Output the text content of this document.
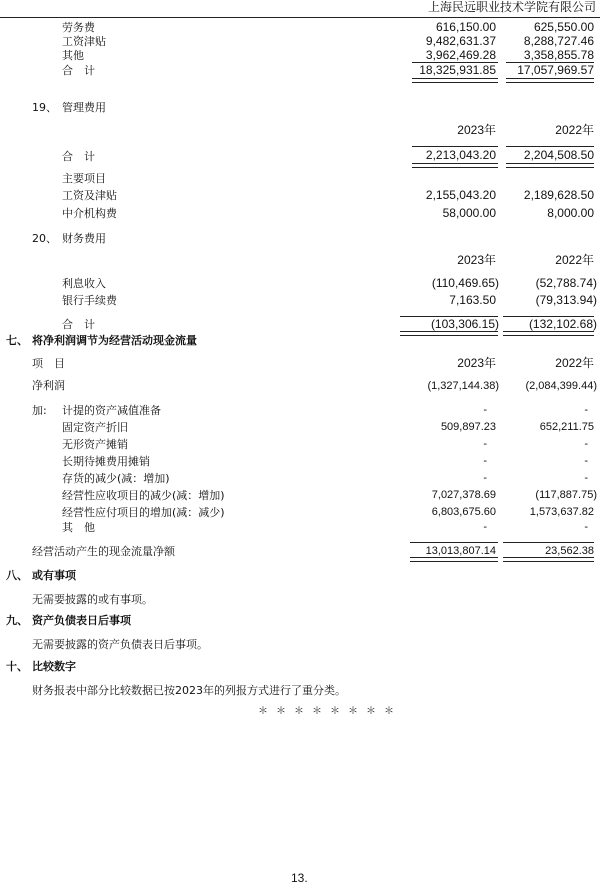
上海民远职业技术学院有限公司
劳务费	616,150.00	625,550.00
工资津贴	9,482,631.37 8,288,727.46
其他	3,962,469.28 3,358,855.78
合　计	18,325,931.85 17,057,969.57
19、 管理费用
2023年	2022年
合　计	2,213,043.20 2,204,508.50
主要项目
工资及津贴	2,155,043.20 2,189,628.50
中介机构费	58,000.00	8,000.00
20、 财务费用
2023年	2022年
利息收入	(110,469.65)	(52,788.74)
银行手续费	7,163.50	(79,313.94)
合　计	(103,306.15) (132,102.68)
七、 将净利润调节为经营活动现金流量
项　目	2023年	2022年
净利润	(1,327,144.38) (2,084,399.44)
加: 计提的资产减值准备	-	-
固定资产折旧	509,897.23	652,211.75
无形资产摊销	-	-
长期待摊费用摊销	-	-
存货的减少(减：增加)	-	-
经营性应收项目的减少(减：增加)	7,027,378.69	(117,887.75)
经营性应付项目的增加(减：减少)	6,803,675.60	1,573,637.82
其　他	-	-
经营活动产生的现金流量净额	13,013,807.14	23,562.38
八、 或有事项
无需要披露的或有事项。
九、 资产负债表日后事项
无需要披露的资产负债表日后事项。
十、 比较数字
财务报表中部分比较数据已按2023年的列报方式进行了重分类。
＊　＊　＊　＊　＊　＊　＊　＊
13.
